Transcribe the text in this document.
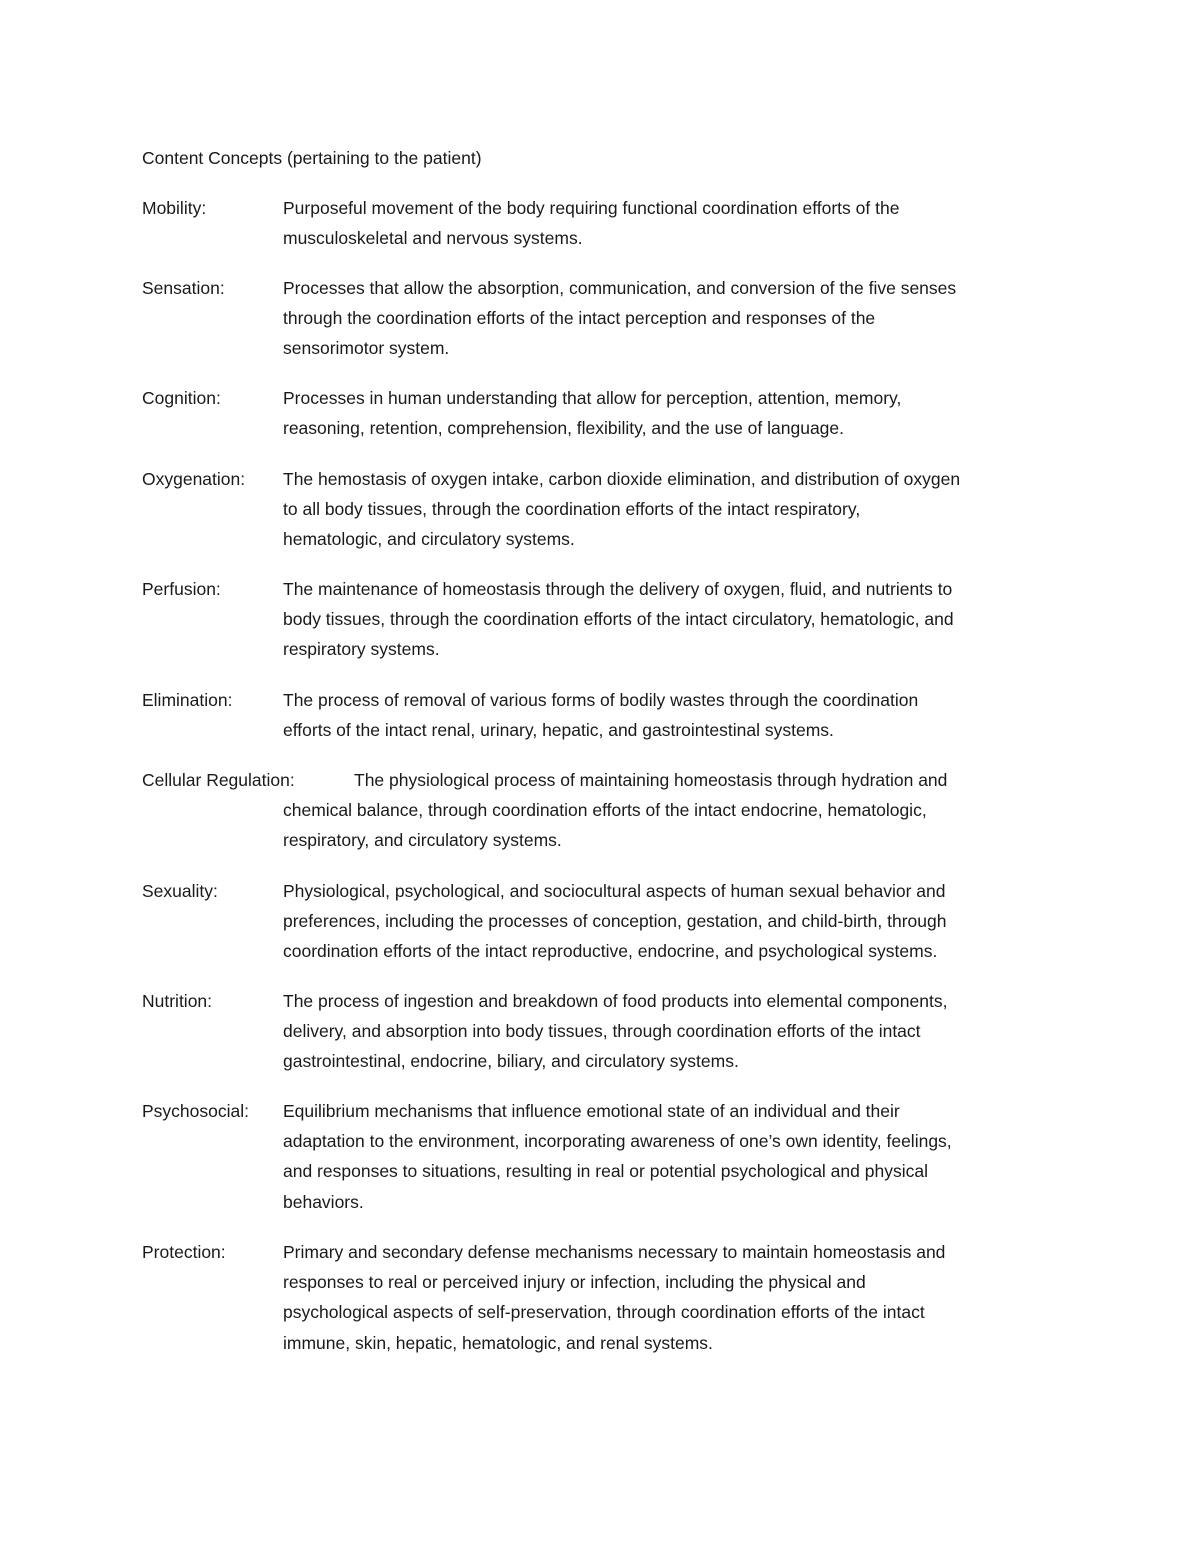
Content Concepts (pertaining to the patient)
Mobility:	Purposeful movement of the body requiring functional coordination efforts of the
musculoskeletal and nervous systems.
Sensation:	Processes that allow the absorption, communication, and conversion of the five senses
through the coordination efforts of the intact perception and responses of the
sensorimotor system.
Cognition:	Processes in human understanding that allow for perception, attention, memory,
reasoning, retention, comprehension, flexibility, and the use of language.
Oxygenation: The hemostasis of oxygen intake, carbon dioxide elimination, and distribution of oxygen
to all body tissues, through the coordination efforts of the intact respiratory,
hematologic, and circulatory systems.
Perfusion:	The maintenance of homeostasis through the delivery of oxygen, fluid, and nutrients to
body tissues, through the coordination efforts of the intact circulatory, hematologic, and
respiratory systems.
Elimination:	The process of removal of various forms of bodily wastes through the coordination
efforts of the intact renal, urinary, hepatic, and gastrointestinal systems.
Cellular Regulation:	The physiological process of maintaining homeostasis through hydration and
chemical balance, through coordination efforts of the intact endocrine, hematologic,
respiratory, and circulatory systems.
Sexuality:	Physiological, psychological, and sociocultural aspects of human sexual behavior and
preferences, including the processes of conception, gestation, and child-birth, through
coordination efforts of the intact reproductive, endocrine, and psychological systems.
Nutrition:	The process of ingestion and breakdown of food products into elemental components,
delivery, and absorption into body tissues, through coordination efforts of the intact
gastrointestinal, endocrine, biliary, and circulatory systems.
Psychosocial: Equilibrium mechanisms that influence emotional state of an individual and their
adaptation to the environment, incorporating awareness of one’s own identity, feelings,
and responses to situations, resulting in real or potential psychological and physical
behaviors.
Protection:	Primary and secondary defense mechanisms necessary to maintain homeostasis and
responses to real or perceived injury or infection, including the physical and
psychological aspects of self-preservation, through coordination efforts of the intact
immune, skin, hepatic, hematologic, and renal systems.
